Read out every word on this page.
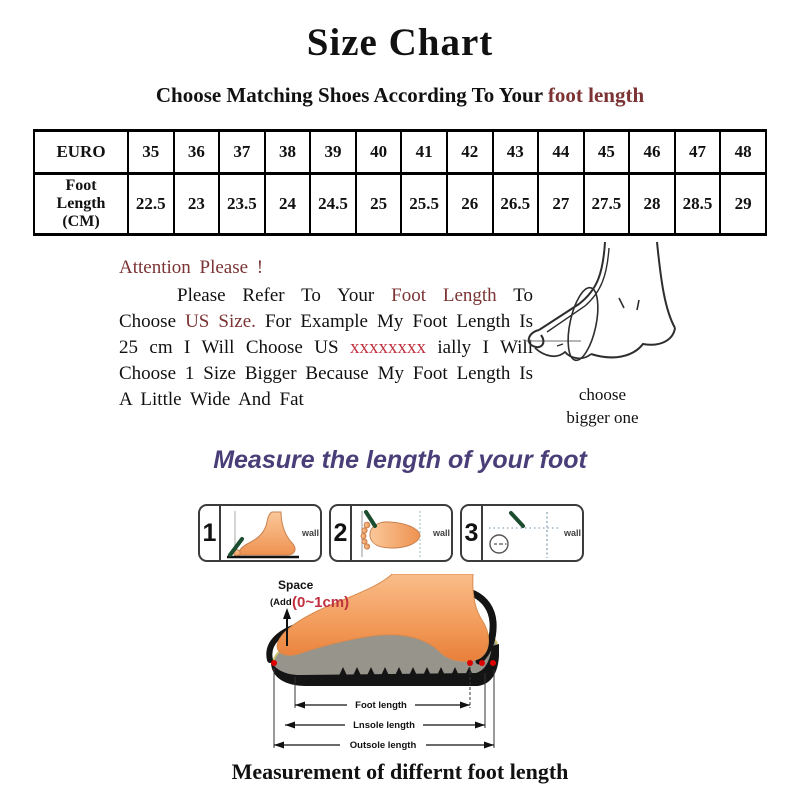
Size Chart
Choose Matching Shoes According To Your foot length
EURO	35	36	37	38	39	40	41	42	43	44	45	46	47	48
Foot Length (CM)	22.5	23	23.5	24	24.5	25	25.5	26	26.5	27	27.5	28	28.5	29
Attention Please !
Please Refer To Your Foot Length To Choose US Size. For Example My Foot Length Is 25 cm I Will Choose US xxxxxxxx ially I Will Choose 1 Size Bigger Because My Foot Length Is A Little Wide And Fat	choose
bigger one
Measure the length of your foot
1	wall 2	wall 3	wall
Space
(Add (0~1cm)
Foot length
Lnsole length
Outsole length
Measurement of differnt foot length
